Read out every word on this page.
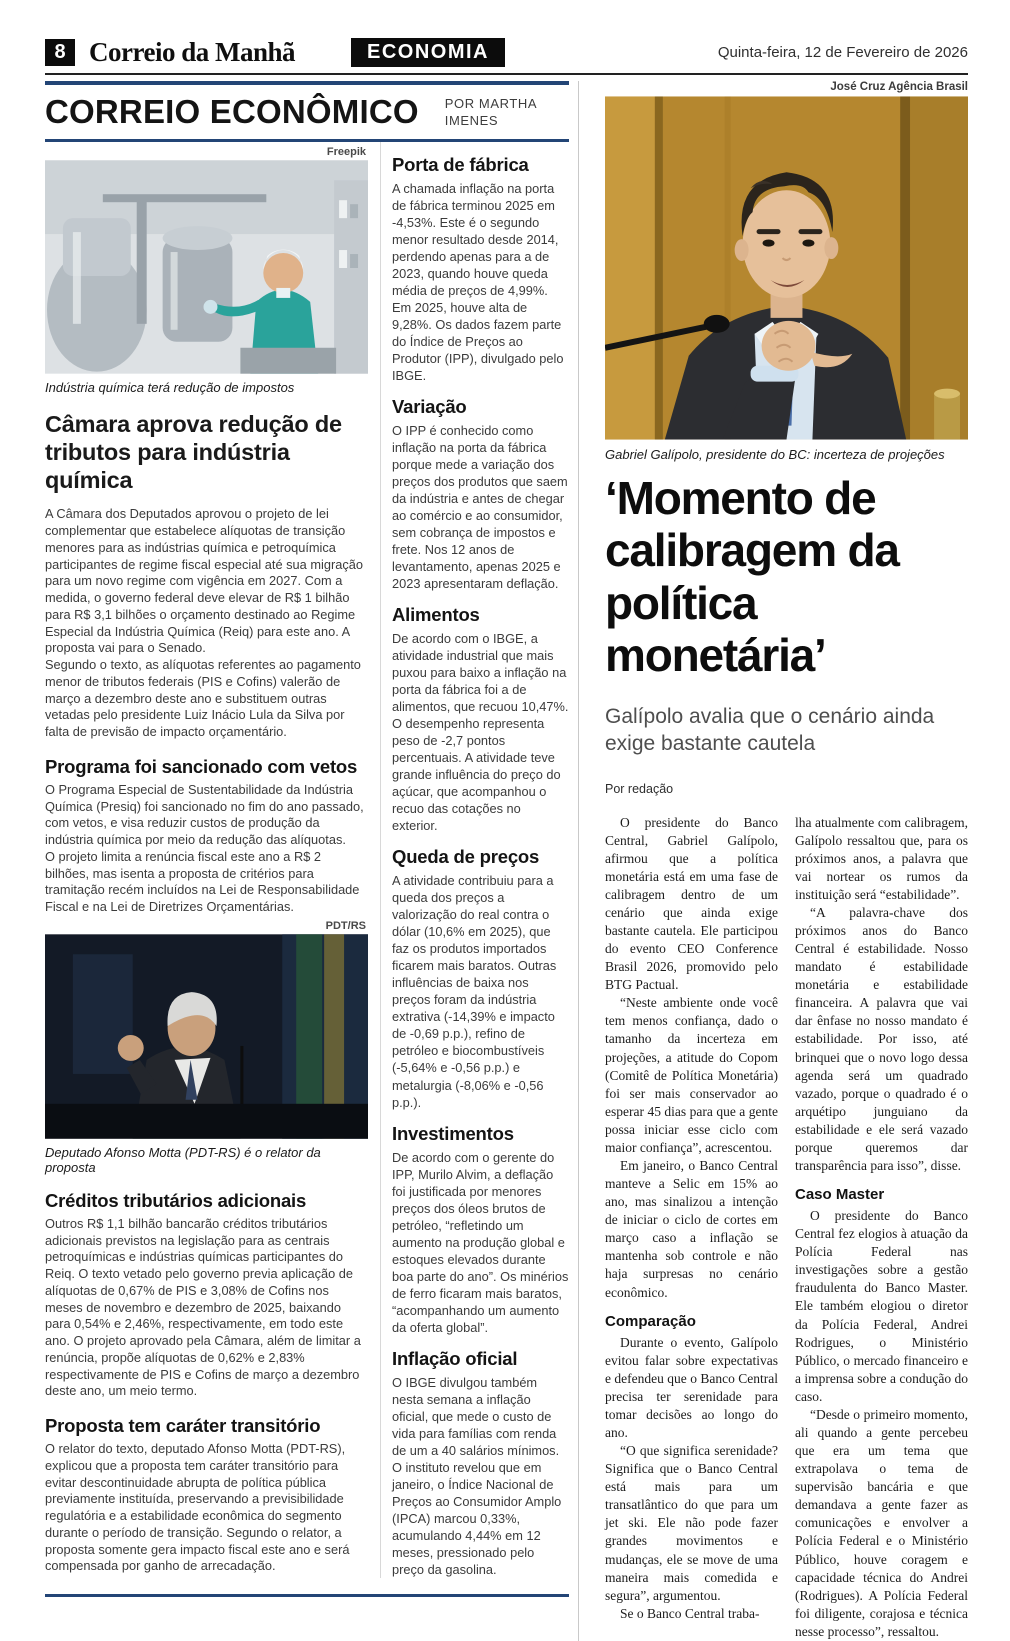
8 Correio da Manhã	ECONOMIA	Quinta-feira, 12 de Fevereiro de 2026
CORREIO ECONÔMICO POR MARTHA IMENES
Freepik
Indústria química terá redução de impostos
Câmara aprova redução de tributos para indústria química

A Câmara dos Deputados aprovou o projeto de lei complementar que estabelece alíquotas de transição menores para as indústrias química e petroquímica participantes de regime fiscal especial até sua migração para um novo regime com vigência em 2027. Com a medida, o governo federal deve elevar de R$ 1 bilhão para R$ 3,1 bilhões o orçamento destinado ao Regime Especial da Indústria Química (Reiq) para este ano. A proposta vai para o Senado.

Segundo o texto, as alíquotas referentes ao pagamento menor de tributos federais (PIS e Cofins) valerão de março a dezembro deste ano e substituem outras vetadas pelo presidente Luiz Inácio Lula da Silva por falta de previsão de impacto orçamentário.

Programa foi sancionado com vetos

O Programa Especial de Sustentabilidade da Indústria Química (Presiq) foi sancionado no fim do ano passado, com vetos, e visa reduzir custos de produção da indústria química por meio da redução das alíquotas.

O projeto limita a renúncia fiscal este ano a R$ 2 bilhões, mas isenta a proposta de critérios para tramitação recém incluídos na Lei de Responsabilidade Fiscal e na Lei de Diretrizes Orçamentárias.

PDT/RS
Deputado Afonso Motta (PDT-RS) é o relator da proposta
Créditos tributários adicionais

Outros R$ 1,1 bilhão bancarão créditos tributários adicionais previstos na legislação para as centrais petroquímicas e indústrias químicas participantes do Reiq. O texto vetado pelo governo previa aplicação de alíquotas de 0,67% de PIS e 3,08% de Cofins nos meses de novembro e dezembro de 2025, baixando para 0,54% e 2,46%, respectivamente, em todo este ano. O projeto aprovado pela Câmara, além de limitar a renúncia, propõe alíquotas de 0,62% e 2,83% respectivamente de PIS e Cofins de março a dezembro deste ano, um meio termo.

Proposta tem caráter transitório

O relator do texto, deputado Afonso Motta (PDT-RS), explicou que a proposta tem caráter transitório para evitar descontinuidade abrupta de política pública previamente instituída, preservando a previsibilidade regulatória e a estabilidade econômica do segmento durante o período de transição. Segundo o relator, a proposta somente gera impacto fiscal este ano e será compensada por ganho de arrecadação.

Porta de fábrica

A chamada inflação na porta de fábrica terminou 2025 em -4,53%. Este é o segundo menor resultado desde 2014, perdendo apenas para a de 2023, quando houve queda média de preços de 4,99%. Em 2025, houve alta de 9,28%. Os dados fazem parte do Índice de Preços ao Produtor (IPP), divulgado pelo IBGE.

Variação

O IPP é conhecido como inflação na porta da fábrica porque mede a variação dos preços dos produtos que saem da indústria e antes de chegar ao comércio e ao consumidor, sem cobrança de impostos e frete. Nos 12 anos de levantamento, apenas 2025 e 2023 apresentaram deflação.

Alimentos

De acordo com o IBGE, a atividade industrial que mais puxou para baixo a inflação na porta da fábrica foi a de alimentos, que recuou 10,47%. O desempenho representa peso de -2,7 pontos percentuais. A atividade teve grande influência do preço do açúcar, que acompanhou o recuo das cotações no exterior.

Queda de preços

A atividade contribuiu para a queda dos preços a valorização do real contra o dólar (10,6% em 2025), que faz os produtos importados ficarem mais baratos. Outras influências de baixa nos preços foram da indústria extrativa (-14,39% e impacto de -0,69 p.p.), refino de petróleo e biocombustíveis (-5,64% e -0,56 p.p.) e metalurgia (-8,06% e -0,56 p.p.).

Investimentos

De acordo com o gerente do IPP, Murilo Alvim, a deflação foi justificada por menores preços dos óleos brutos de petróleo, “refletindo um aumento na produção global e estoques elevados durante boa parte do ano”. Os minérios de ferro ficaram mais baratos, “acompanhando um aumento da oferta global”.

Inflação oficial

O IBGE divulgou também nesta semana a inflação oficial, que mede o custo de vida para famílias com renda de um a 40 salários mínimos. O instituto revelou que em janeiro, o Índice Nacional de Preços ao Consumidor Amplo (IPCA) marcou 0,33%, acumulando 4,44% em 12 meses, pressionado pelo preço da gasolina.

José Cruz Agência Brasil
Gabriel Galípolo, presidente do BC: incerteza de projeções
‘Momento de calibragem da política monetária’
Galípolo avalia que o cenário ainda exige bastante cautela
Por redação
O presidente do Banco Central, Gabriel Galípolo, afirmou que a política monetária está em uma fase de calibragem dentro de um cenário que ainda exige bastante cautela. Ele participou do evento CEO Conference Brasil 2026, promovido pelo BTG Pactual.
“Neste ambiente onde você tem menos confiança, dado o tamanho da incerteza em projeções, a atitude do Copom (Comitê de Política Monetária) foi ser mais conservador ao esperar 45 dias para que a gente possa iniciar esse ciclo com maior confiança”, acrescentou.
Em janeiro, o Banco Central manteve a Selic em 15% ao ano, mas sinalizou a intenção de iniciar o ciclo de cortes em março caso a inflação se mantenha sob controle e não haja surpresas no cenário econômico.
Comparação
Durante o evento, Galípolo evitou falar sobre expectativas e defendeu que o Banco Central precisa ter serenidade para tomar decisões ao longo do ano.
“O que significa serenidade? Significa que o Banco Central está mais para um transatlântico do que para um jet ski. Ele não pode fazer grandes movimentos e mudanças, ele se move de uma maneira mais comedida e segura”, argumentou.
Se o Banco Central traba-
lha atualmente com calibragem, Galípolo ressaltou que, para os próximos anos, a palavra que vai nortear os rumos da instituição será “estabilidade”.
“A palavra-chave dos próximos anos do Banco Central é estabilidade. Nosso mandato é estabilidade monetária e estabilidade financeira. A palavra que vai dar ênfase no nosso mandato é estabilidade. Por isso, até brinquei que o novo logo dessa agenda será um quadrado vazado, porque o quadrado é o arquétipo junguiano da estabilidade e ele será vazado porque queremos dar transparência para isso”, disse.
Caso Master
O presidente do Banco Central fez elogios à atuação da Polícia Federal nas investigações sobre a gestão fraudulenta do Banco Master. Ele também elogiou o diretor da Polícia Federal, Andrei Rodrigues, o Ministério Público, o mercado financeiro e a imprensa sobre a condução do caso.
“Desde o primeiro momento, ali quando a gente percebeu que era um tema que extrapolava o tema de supervisão bancária e que demandava a gente fazer as comunicações e envolver a Polícia Federal e o Ministério Público, houve coragem e capacidade técnica do Andrei (Rodrigues). A Polícia Federal foi diligente, corajosa e técnica nesse processo”, ressaltou.
